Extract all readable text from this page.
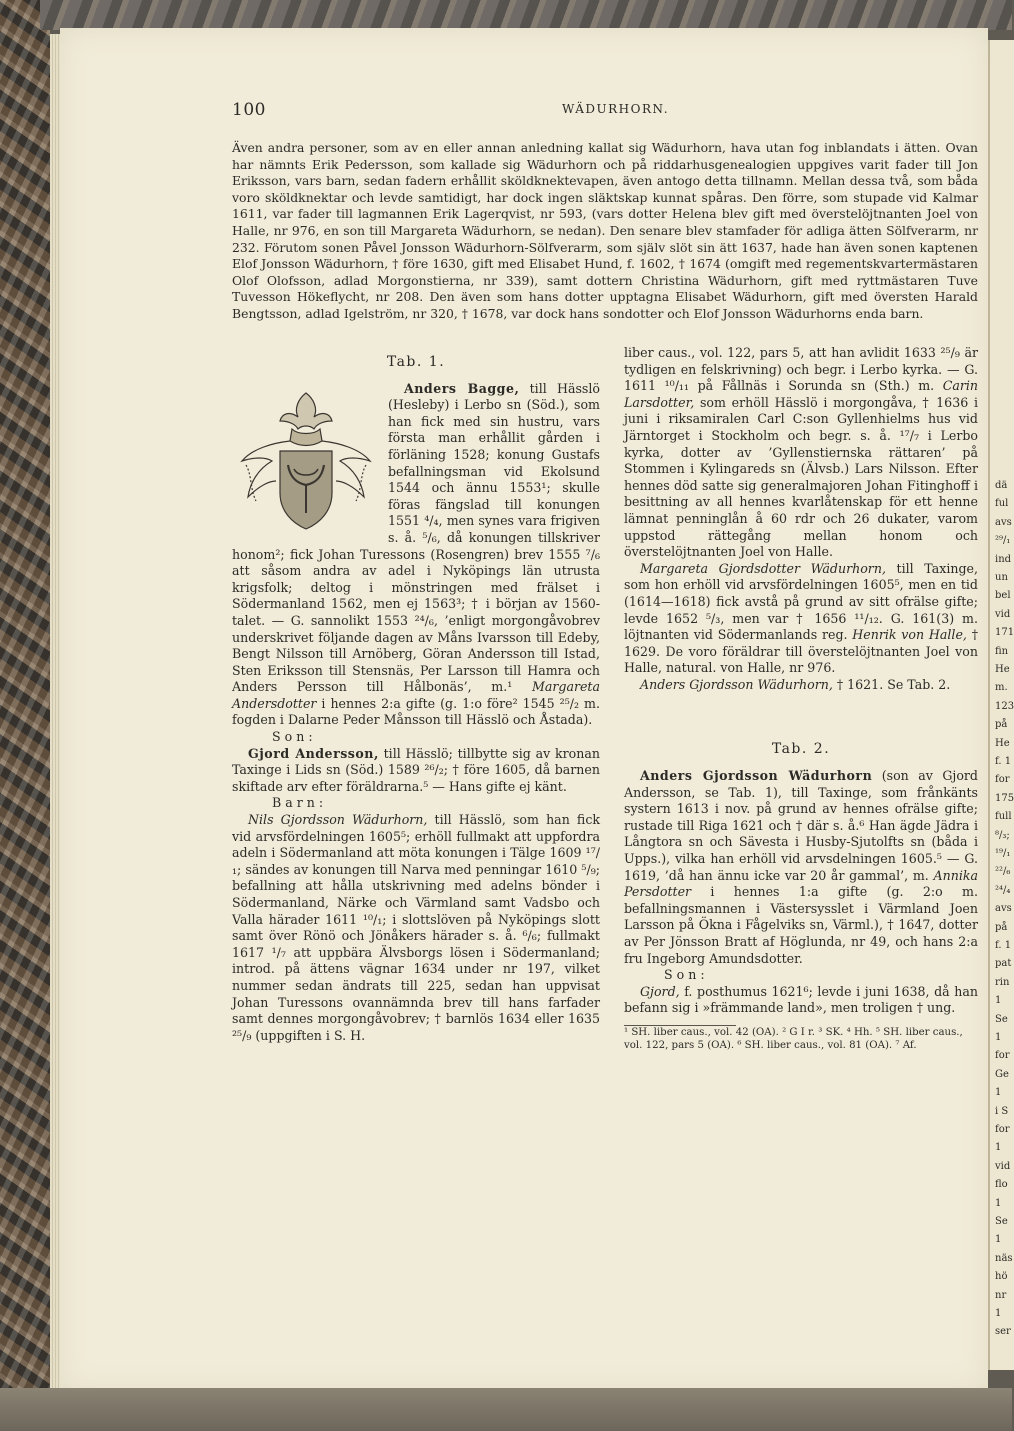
dä
ful
avs
²⁹/₁
ind
un
bel
vid
171
fin
He
m.
123
på
He
f. 1
for
175
full
⁸/₃;
¹⁹/₁
²²/₆
²⁴/₄
avs
på
f. 1
pat
rin
1
Se
1
for
Ge
1
i S
for
1
vid
flo
1
Se
1
näs
hö
nr
1
ser
100	WÄDURHORN.

Även andra personer, som av en eller annan anledning kallat sig Wädurhorn, hava utan fog inblandats i ätten. Ovan har nämnts Erik Pedersson, som kallade sig Wädurhorn och på riddarhusgenealogien uppgives varit fader till Jon Eriksson, vars barn, sedan fadern erhållit sköldknektevapen, även antogo detta tillnamn. Mellan dessa två, som båda voro sköldknektar och levde samtidigt, har dock ingen släktskap kunnat spåras. Den förre, som stupade vid Kalmar 1611, var fader till lagmannen Erik Lagerqvist, nr 593, (vars dotter Helena blev gift med överstelöjtnanten Joel von Halle, nr 976, en son till Margareta Wädurhorn, se nedan). Den senare blev stamfader för adliga ätten Sölfverarm, nr 232. Förutom sonen Påvel Jonsson Wädurhorn-Sölfverarm, som själv slöt sin ätt 1637, hade han även sonen kaptenen Elof Jonsson Wädurhorn, † före 1630, gift med Elisabet Hund, f. 1602, † 1674 (omgift med regementskvartermästaren Olof Olofsson, adlad Morgonstierna, nr 339), samt dottern Christina Wädurhorn, gift med ryttmästaren Tuve Tuvesson Hökeflycht, nr 208. Den även som hans dotter upptagna Elisabet Wädurhorn, gift med översten Harald Bengtsson, adlad Igelström, nr 320, † 1678, var dock hans sondotter och Elof Jonsson Wädurhorns enda barn.

Tab. 1.

Anders Bagge, till Hässlö (Hesleby) i Lerbo sn (Söd.), som han fick med sin hustru, vars första man erhållit gården i förläning 1528; konung Gustafs befallningsman vid Ekolsund 1544 och ännu 1553¹; skulle föras fängslad till konungen 1551 ⁴/₄, men synes vara frigiven s. å. ⁵/₆, då konungen tillskriver honom²; fick Johan Turessons (Rosengren) brev 1555 ⁷/₆ att såsom andra av adel i Nyköpings län utrusta krigsfolk; deltog i mönstringen med frälset i Södermanland 1562, men ej 1563³; † i början av 1560-talet. — G. sannolikt 1553 ²⁴/₆, ’enligt morgongåvobrev underskrivet följande dagen av Måns Ivarsson till Edeby, Bengt Nilsson till Arnöberg, Göran Andersson till Istad, Sten Eriksson till Stensnäs, Per Larsson till Hamra och Anders Persson till Hålbonäs’, m.¹ Margareta Andersdotter i hennes 2:a gifte (g. 1:o före² 1545 ²⁵/₂ m. fogden i Dalarne Peder Månsson till Hässlö och Åstada).

Son:

Gjord Andersson, till Hässlö; tillbytte sig av kronan Taxinge i Lids sn (Söd.) 1589 ²⁶/₂; † före 1605, då barnen skiftade arv efter föräldrarna.⁵ — Hans gifte ej känt.

Barn:

Nils Gjordsson Wädurhorn, till Hässlö, som han fick vid arvsfördelningen 1605⁵; erhöll fullmakt att uppfordra adeln i Södermanland att möta konungen i Tälge 1609 ¹⁷/₁; sändes av konungen till Narva med penningar 1610 ⁵/₉; befallning att hålla utskrivning med adelns bönder i Södermanland, Närke och Värmland samt Vadsbo och Valla härader 1611 ¹⁰/₁; i slottslöven på Nyköpings slott samt över Rönö och Jönåkers härader s. å. ⁶/₆; fullmakt 1617 ¹/₇ att uppbära Älvsborgs lösen i Södermanland; introd. på ättens vägnar 1634 under nr 197, vilket nummer sedan ändrats till 225, sedan han uppvisat Johan Turessons ovannämnda brev till hans farfader samt dennes morgongåvobrev; † barnlös 1634 eller 1635 ²⁵/₉ (uppgiften i S. H.

liber caus., vol. 122, pars 5, att han avlidit 1633 ²⁵/₉ är tydligen en felskrivning) och begr. i Lerbo kyrka. — G. 1611 ¹⁰/₁₁ på Fållnäs i Sorunda sn (Sth.) m. Carin Larsdotter, som erhöll Hässlö i morgongåva, † 1636 i juni i riksamiralen Carl C:son Gyllenhielms hus vid Järntorget i Stockholm och begr. s. å. ¹⁷/₇ i Lerbo kyrka, dotter av ’Gyllenstiernska rättaren’ på Stommen i Kylingareds sn (Älvsb.) Lars Nilsson. Efter hennes död satte sig generalmajoren Johan Fitinghoff i besittning av all hennes kvarlåtenskap för ett henne lämnat penninglån å 60 rdr och 26 dukater, varom uppstod rättegång mellan honom och överstelöjtnanten Joel von Halle.

Margareta Gjordsdotter Wädurhorn, till Taxinge, som hon erhöll vid arvsfördelningen 1605⁵, men en tid (1614—1618) fick avstå på grund av sitt ofrälse gifte; levde 1652 ⁵/₃, men var † 1656 ¹¹/₁₂. G. 161(3) m. löjtnanten vid Södermanlands reg. Henrik von Halle, † 1629. De voro föräldrar till överstelöjtnanten Joel von Halle, natural. von Halle, nr 976.

Anders Gjordsson Wädurhorn, † 1621. Se Tab. 2.

Tab. 2.

Anders Gjordsson Wädurhorn (son av Gjord Andersson, se Tab. 1), till Taxinge, som frånkänts systern 1613 i nov. på grund av hennes ofrälse gifte; rustade till Riga 1621 och † där s. å.⁶ Han ägde Jädra i Långtora sn och Sävesta i Husby-Sjutolfts sn (båda i Upps.), vilka han erhöll vid arvsdelningen 1605.⁵ — G. 1619, ’då han ännu icke var 20 år gammal’, m. Annika Persdotter i hennes 1:a gifte (g. 2:o m. befallningsmannen i Västersysslet i Värmland Joen Larsson på Ökna i Fågelviks sn, Värml.), † 1647, dotter av Per Jönsson Bratt af Höglunda, nr 49, och hans 2:a fru Ingeborg Amundsdotter.

Son:

Gjord, f. posthumus 1621⁶; levde i juni 1638, då han befann sig i »främmande land», men troligen † ung.

¹ SH. liber caus., vol. 42 (OA). ² G I r. ³ SK. ⁴ Hh. ⁵ SH. liber caus., vol. 122, pars 5 (OA). ⁶ SH. liber caus., vol. 81 (OA). ⁷ Af.
